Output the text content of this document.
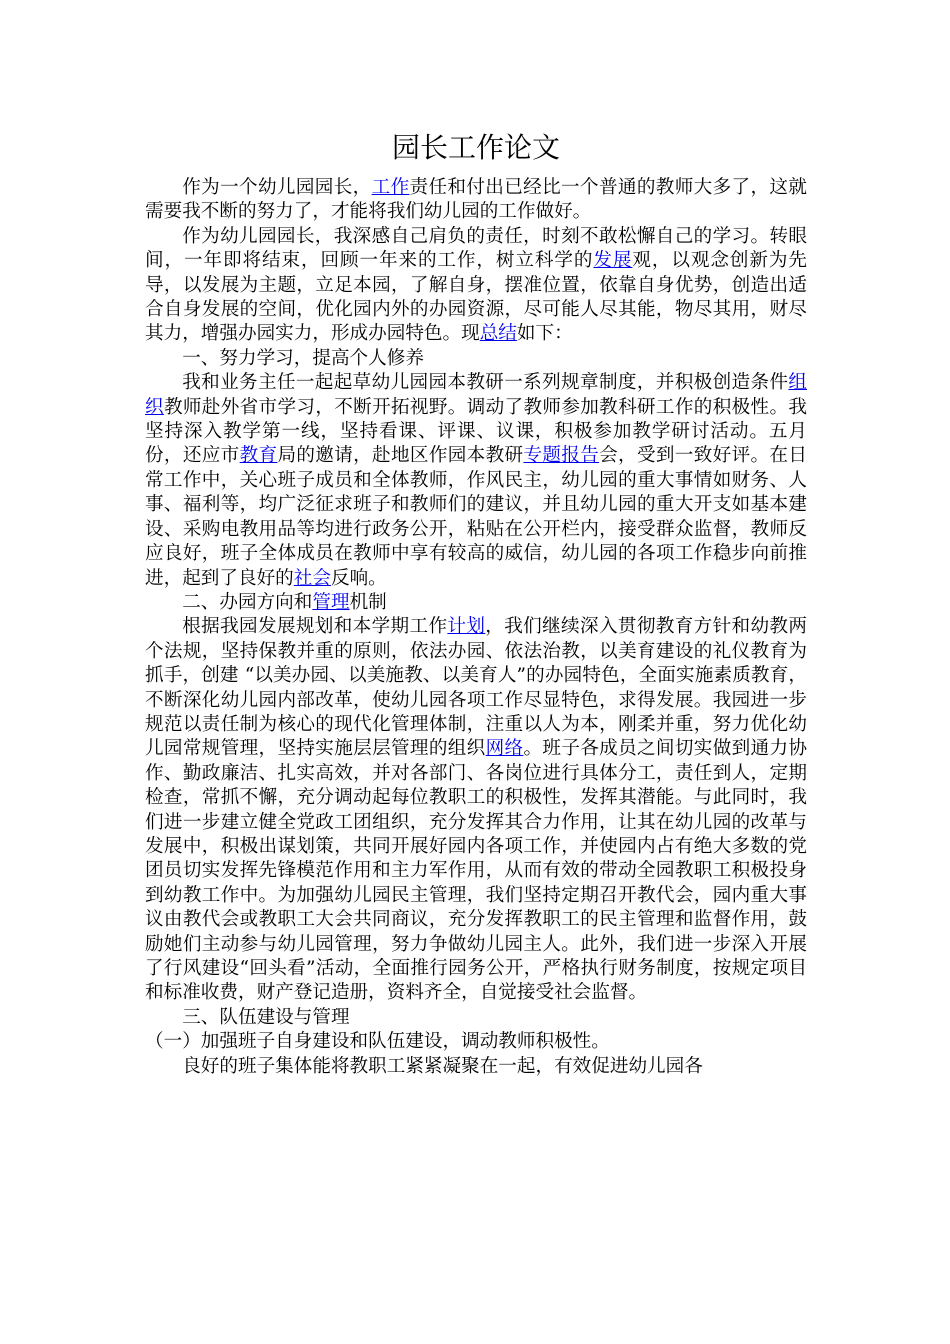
园长工作论文

作为一个幼儿园园长，工作责任和付出已经比一个普通的教师大多了，这就需要我不断的努力了，才能将我们幼儿园的工作做好。

作为幼儿园园长，我深感自己肩负的责任，时刻不敢松懈自己的学习。转眼间，一年即将结束，回顾一年来的工作，树立科学的发展观，以观念创新为先导，以发展为主题，立足本园，了解自身，摆准位置，依靠自身优势，创造出适合自身发展的空间，优化园内外的办园资源，尽可能人尽其能，物尽其用，财尽其力，增强办园实力，形成办园特色。现总结如下：

一、努力学习，提高个人修养

我和业务主任一起起草幼儿园园本教研一系列规章制度，并积极创造条件组织教师赴外省市学习，不断开拓视野。调动了教师参加教科研工作的积极性。我坚持深入教学第一线，坚持看课、评课、议课，积极参加教学研讨活动。五月份，还应市教育局的邀请，赴地区作园本教研专题报告会，受到一致好评。在日常工作中，关心班子成员和全体教师，作风民主，幼儿园的重大事情如财务、人事、福利等，均广泛征求班子和教师们的建议，并且幼儿园的重大开支如基本建设、采购电教用品等均进行政务公开，粘贴在公开栏内，接受群众监督，教师反应良好，班子全体成员在教师中享有较高的威信，幼儿园的各项工作稳步向前推进，起到了良好的社会反响。

二、办园方向和管理机制

根据我园发展规划和本学期工作计划，我们继续深入贯彻教育方针和幼教两个法规，坚持保教并重的原则，依法办园、依法治教，以美育建设的礼仪教育为抓手，创建 “以美办园、以美施教、以美育人”的办园特色，全面实施素质教育，不断深化幼儿园内部改革，使幼儿园各项工作尽显特色，求得发展。我园进一步规范以责任制为核心的现代化管理体制，注重以人为本，刚柔并重，努力优化幼儿园常规管理，坚持实施层层管理的组织网络。班子各成员之间切实做到通力协作、勤政廉洁、扎实高效，并对各部门、各岗位进行具体分工，责任到人，定期检查，常抓不懈，充分调动起每位教职工的积极性，发挥其潜能。与此同时，我们进一步建立健全党政工团组织，充分发挥其合力作用，让其在幼儿园的改革与发展中，积极出谋划策，共同开展好园内各项工作，并使园内占有绝大多数的党团员切实发挥先锋模范作用和主力军作用，从而有效的带动全园教职工积极投身到幼教工作中。为加强幼儿园民主管理，我们坚持定期召开教代会，园内重大事议由教代会或教职工大会共同商议，充分发挥教职工的民主管理和监督作用，鼓励她们主动参与幼儿园管理，努力争做幼儿园主人。此外，我们进一步深入开展了行风建设“回头看”活动，全面推行园务公开，严格执行财务制度，按规定项目和标准收费，财产登记造册，资料齐全，自觉接受社会监督。

三、队伍建设与管理

（一）加强班子自身建设和队伍建设，调动教师积极性。

良好的班子集体能将教职工紧紧凝聚在一起，有效促进幼儿园各
